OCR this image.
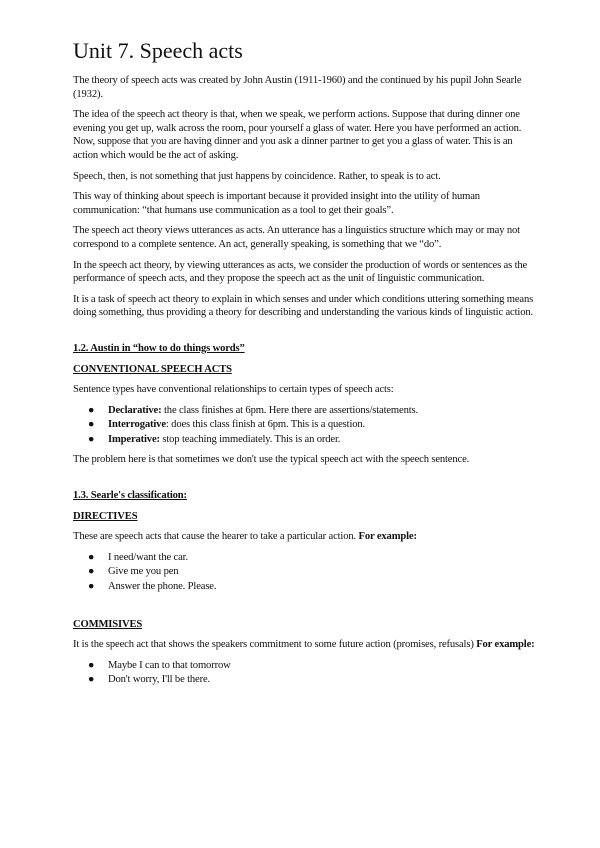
Unit 7. Speech acts

The theory of speech acts was created by John Austin (1911-1960) and the continued by his pupil John Searle (1932).

The idea of the speech act theory is that, when we speak, we perform actions. Suppose that during dinner one evening you get up, walk across the room, pour yourself a glass of water. Here you have performed an action. Now, suppose that you are having dinner and you ask a dinner partner to get you a glass of water. This is an action which would be the act of asking.

Speech, then, is not something that just happens by coincidence. Rather, to speak is to act.

This way of thinking about speech is important because it provided insight into the utility of human communication: “that humans use communication as a tool to get their goals”.

The speech act theory views utterances as acts. An utterance has a linguistics structure which may or may not correspond to a complete sentence. An act, generally speaking, is something that we “do”.

In the speech act theory, by viewing utterances as acts, we consider the production of words or sentences as the performance of speech acts, and they propose the speech act as the unit of linguistic communication.

It is a task of speech act theory to explain in which senses and under which conditions uttering something means doing something, thus providing a theory for describing and understanding the various kinds of linguistic action.

1.2. Austin in “how to do things words”
CONVENTIONAL SPEECH ACTS

Sentence types have conventional relationships to certain types of speech acts:

● Declarative: the class finishes at 6pm. Here there are assertions/statements.
● Interrogative: does this class finish at 6pm. This is a question.
● Imperative: stop teaching immediately. This is an order.

The problem here is that sometimes we don't use the typical speech act with the speech sentence.

1.3. Searle's classification:
DIRECTIVES

These are speech acts that cause the hearer to take a particular action. For example:

● I need/want the car.
● Give me you pen
● Answer the phone. Please.
COMMISIVES

It is the speech act that shows the speakers commitment to some future action (promises, refusals) For example:

● Maybe I can to that tomorrow
● Don't worry, I'll be there.
